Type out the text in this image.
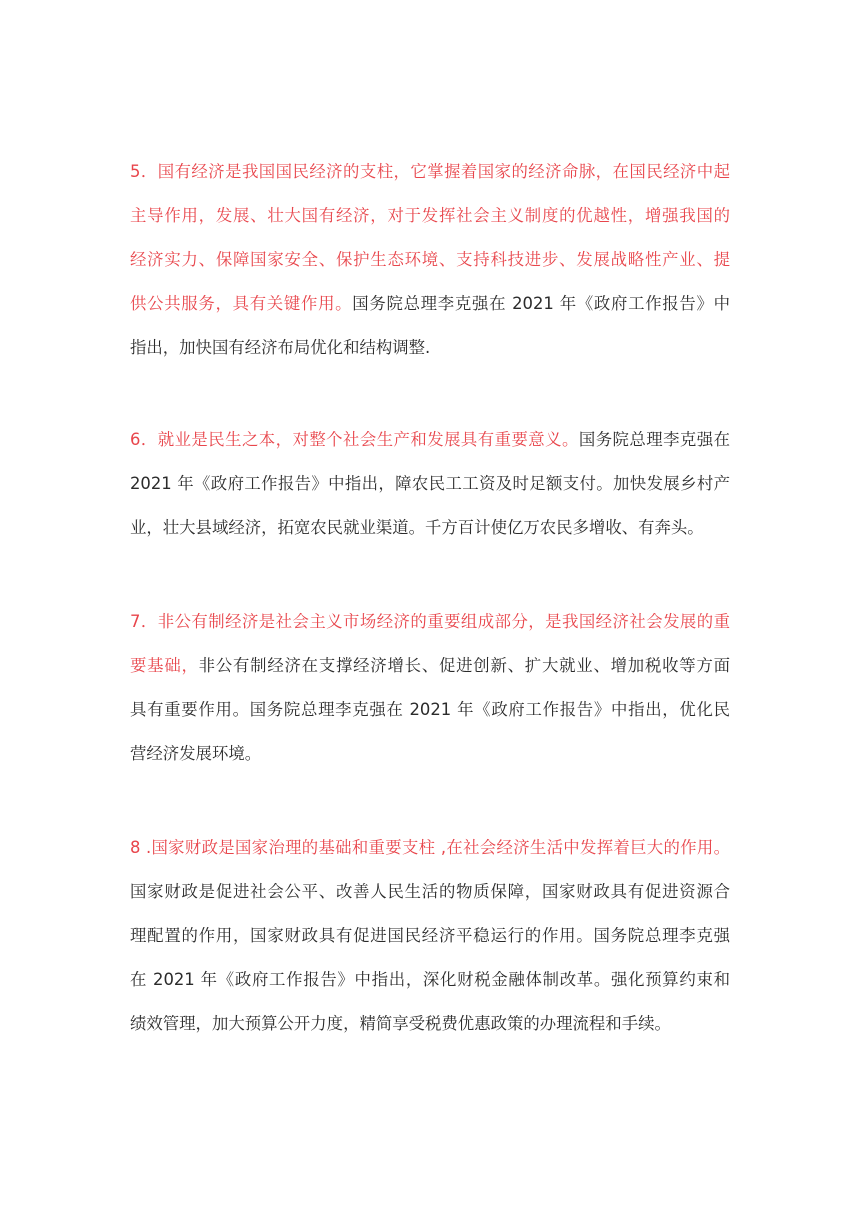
5．国有经济是我国国民经济的支柱，它掌握着国家的经济命脉，在国民经济中起
主导作用，发展、壮大国有经济，对于发挥社会主义制度的优越性，增强我国的
经济实力、保障国家安全、保护生态环境、支持科技进步、发展战略性产业、提
供公共服务，具有关键作用。国务院总理李克强在 2021 年《政府工作报告》中
指出，加快国有经济布局优化和结构调整.
6．就业是民生之本，对整个社会生产和发展具有重要意义。国务院总理李克强在
2021 年《政府工作报告》中指出，障农民工工资及时足额支付。加快发展乡村产
业，壮大县域经济，拓宽农民就业渠道。千方百计使亿万农民多增收、有奔头。
7．非公有制经济是社会主义市场经济的重要组成部分，是我国经济社会发展的重
要基础，非公有制经济在支撑经济增长、促进创新、扩大就业、增加税收等方面
具有重要作用。国务院总理李克强在 2021 年《政府工作报告》中指出，优化民
营经济发展环境。
8 .国家财政是国家治理的基础和重要支柱 ,在社会经济生活中发挥着巨大的作用。
国家财政是促进社会公平、改善人民生活的物质保障，国家财政具有促进资源合
理配置的作用，国家财政具有促进国民经济平稳运行的作用。国务院总理李克强
在 2021 年《政府工作报告》中指出，深化财税金融体制改革。强化预算约束和
绩效管理，加大预算公开力度，精简享受税费优惠政策的办理流程和手续。
